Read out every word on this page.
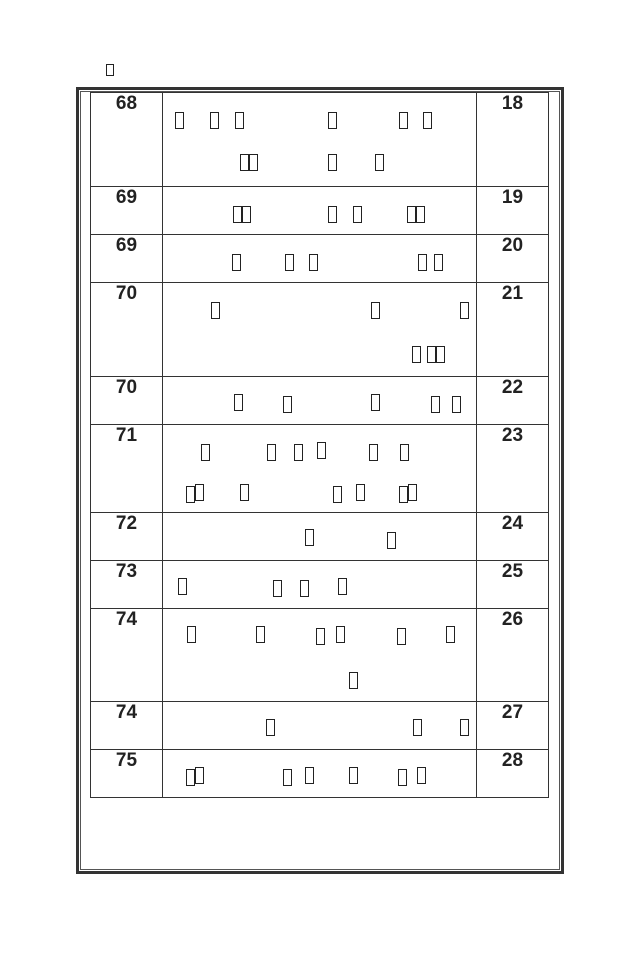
68		18

69		19

69		20

70		21

70		22

71		23

72		24

73		25

74		26

74		27

75		28
